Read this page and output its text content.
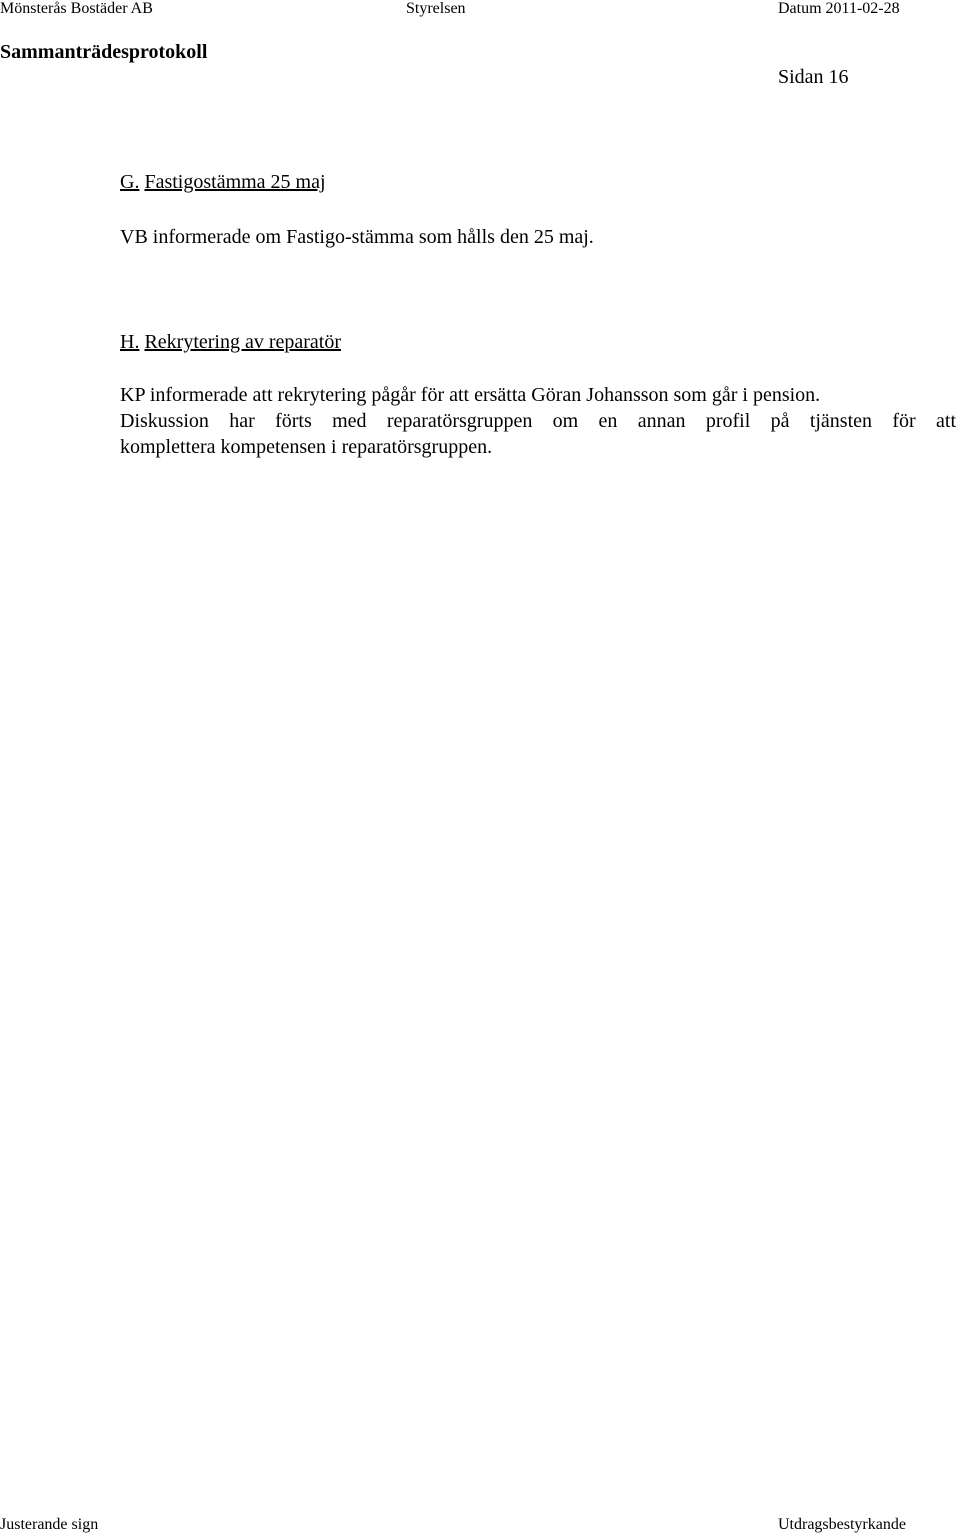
Mönsterås Bostäder AB	Styrelsen	Datum 2011-02-28
Sammanträdesprotokoll
Sidan 16
G. Fastigostämma 25 maj
VB informerade om Fastigo-stämma som hålls den 25 maj.
H. Rekrytering av reparatör

KP informerade att rekrytering pågår för att ersätta Göran Johansson som går i pension.

Diskussion har förts med reparatörsgruppen om en annan profil på tjänsten för att

komplettera kompetensen i reparatörsgruppen.

Justerande sign	Utdragsbestyrkande
